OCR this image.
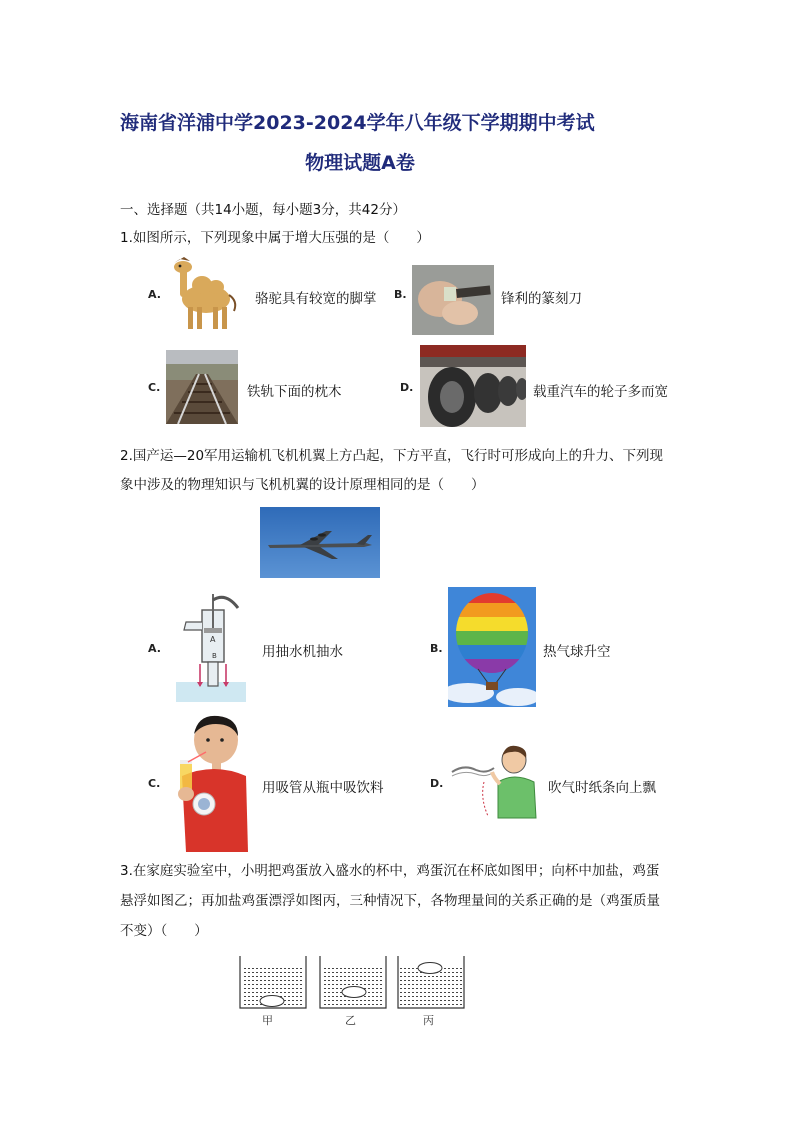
海南省洋浦中学2023-2024学年八年级下学期期中考试
物理试题A卷
一、选择题（共14小题，每小题3分，共42分）
1.如图所示，下列现象中属于增大压强的是（　　）
A.	骆驼具有较宽的脚掌 B.	锋利的篆刻刀
C.	铁轨下面的枕木	D.	载重汽车的轮子多而宽
2.国产运—20军用运输机飞机机翼上方凸起，下方平直，飞行时可形成向上的升力、下列现
象中涉及的物理知识与飞机机翼的设计原理相同的是（　　）
A.
A
B	用抽水机抽水	B.	热气球升空
C.	用吸管从瓶中吸饮料	D.	吹气时纸条向上飘
3.在家庭实验室中，小明把鸡蛋放入盛水的杯中，鸡蛋沉在杯底如图甲；向杯中加盐，鸡蛋
悬浮如图乙；再加盐鸡蛋漂浮如图丙，三种情况下，各物理量间的关系正确的是（鸡蛋质量
不变）（　　）
甲	乙	丙
